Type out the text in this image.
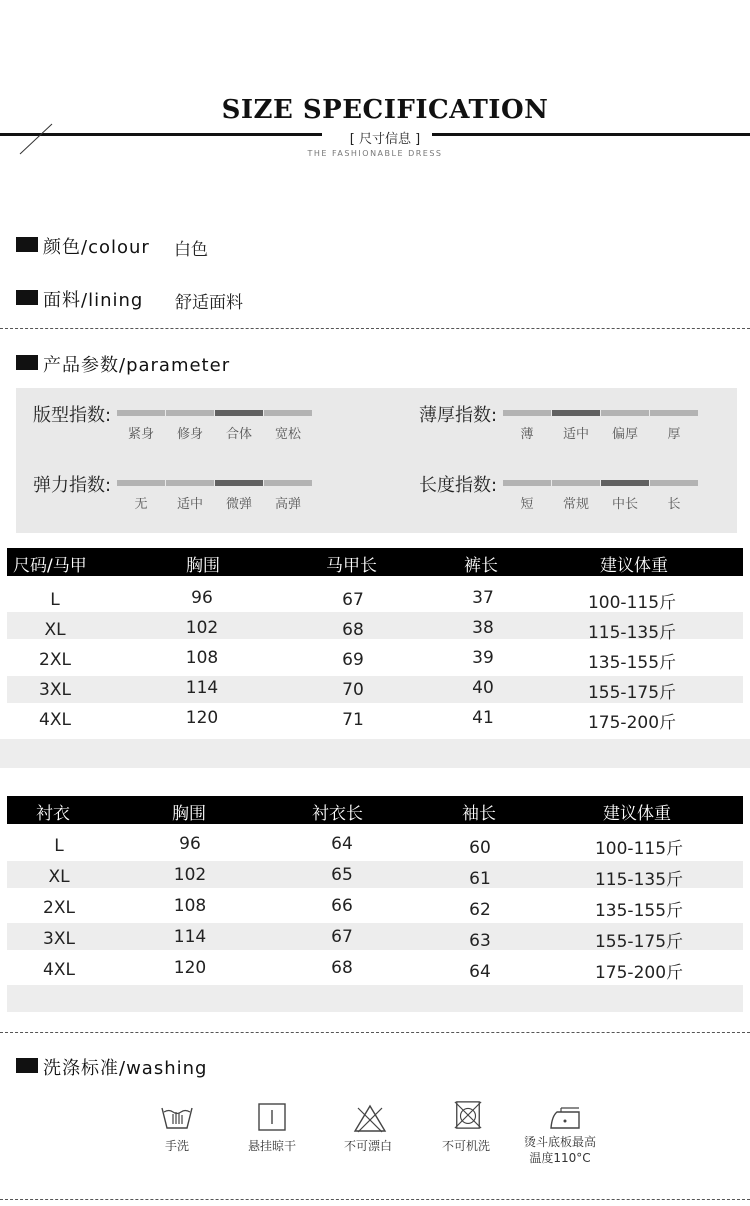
SIZE SPECIFICATION
[ 尺寸信息 ]
THE FASHIONABLE DRESS
颜色/colour 白色
面料/lining 舒适面料
产品参数/parameter
版型指数:
紧身	修身	合体	宽松
薄厚指数:
薄	适中	偏厚	厚
弹力指数:
无	适中	微弹	高弹
长度指数:
短	常规	中长	长
尺码/马甲	胸围	马甲长	裤长	建议体重
L	96	67	37	100-115斤
XL	102	68	38	115-135斤
2XL	108	69	39	135-155斤
3XL	114	70	40	155-175斤
4XL	120	71	41	175-200斤
衬衣	胸围	衬衣长	袖长	建议体重
L	96	64	60	100-115斤
XL	102	65	61	115-135斤
2XL	108	66	62	135-155斤
3XL	114	67	63	155-175斤
4XL	120	68	64	175-200斤
洗涤标准/washing
手洗	悬挂晾干	不可漂白	不可机洗	烫斗底板最高
温度110°C
